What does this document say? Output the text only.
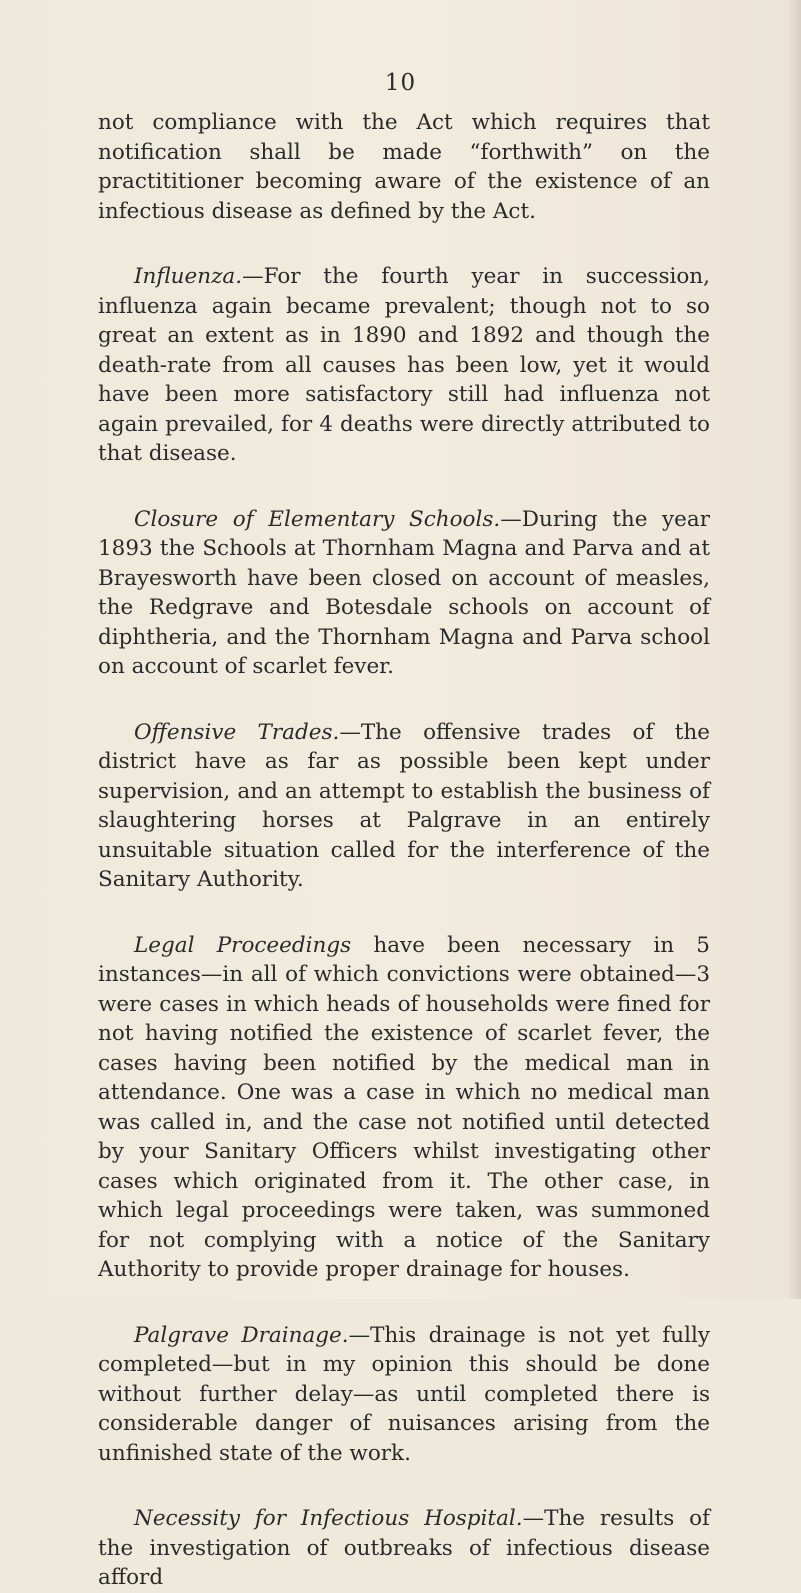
10

not compliance with the Act which requires that notification shall be made “forthwith” on the practititioner becoming aware of the existence of an infectious disease as defined by the Act.

Influenza.—For the fourth year in succession, influenza again became prevalent; though not to so great an extent as in 1890 and 1892 and though the death-rate from all causes has been low, yet it would have been more satisfactory still had influenza not again prevailed, for 4 deaths were directly attributed to that disease.

Closure of Elementary Schools.—During the year 1893 the Schools at Thornham Magna and Parva and at Brayesworth have been closed on account of measles, the Redgrave and Botesdale schools on account of diphtheria, and the Thornham Magna and Parva school on account of scarlet fever.

Offensive Trades.—The offensive trades of the district have as far as possible been kept under supervision, and an attempt to establish the business of slaughtering horses at Palgrave in an entirely unsuitable situation called for the interference of the Sanitary Authority.

Legal Proceedings have been necessary in 5 instances—in all of which convictions were obtained—3 were cases in which heads of households were fined for not having notified the existence of scarlet fever, the cases having been notified by the medical man in attendance. One was a case in which no medical man was called in, and the case not notified until detected by your Sanitary Officers whilst investigating other cases which originated from it. The other case, in which legal proceedings were taken, was summoned for not complying with a notice of the Sanitary Authority to provide proper drainage for houses.

Palgrave Drainage.—This drainage is not yet fully completed—but in my opinion this should be done without further delay—as until completed there is considerable danger of nuisances arising from the unfinished state of the work.

Necessity for Infectious Hospital.—The results of the investigation of outbreaks of infectious disease afford
